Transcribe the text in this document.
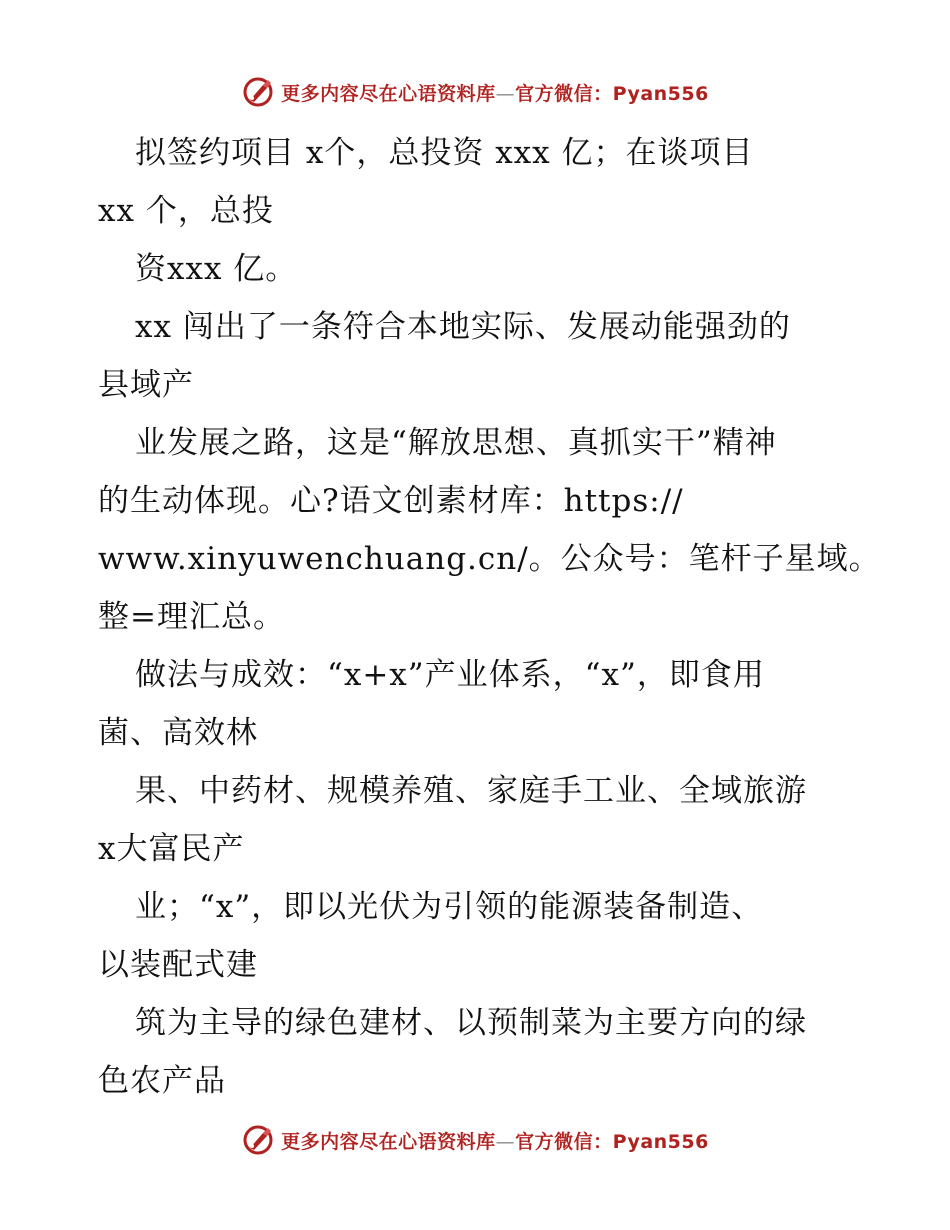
更多内容尽在心语资料库—官方微信：Pyan556
拟签约项目 x个，总投资 xxx 亿；在谈项目
xx 个，总投
资xxx 亿。
xx 闯出了一条符合本地实际、发展动能强劲的
县域产
业发展之路，这是“解放思想、真抓实干”精神
的生动体现。心?语文创素材库：https://
www.xinyuwenchuang.cn/。公众号：笔杆子星域。
整=理汇总。
做法与成效：“x+x”产业体系，“x”，即食用
菌、高效林
果、中药材、规模养殖、家庭手工业、全域旅游
x大富民产
业；“x”，即以光伏为引领的能源装备制造、
以装配式建
筑为主导的绿色建材、以预制菜为主要方向的绿
色农产品
更多内容尽在心语资料库—官方微信：Pyan556
